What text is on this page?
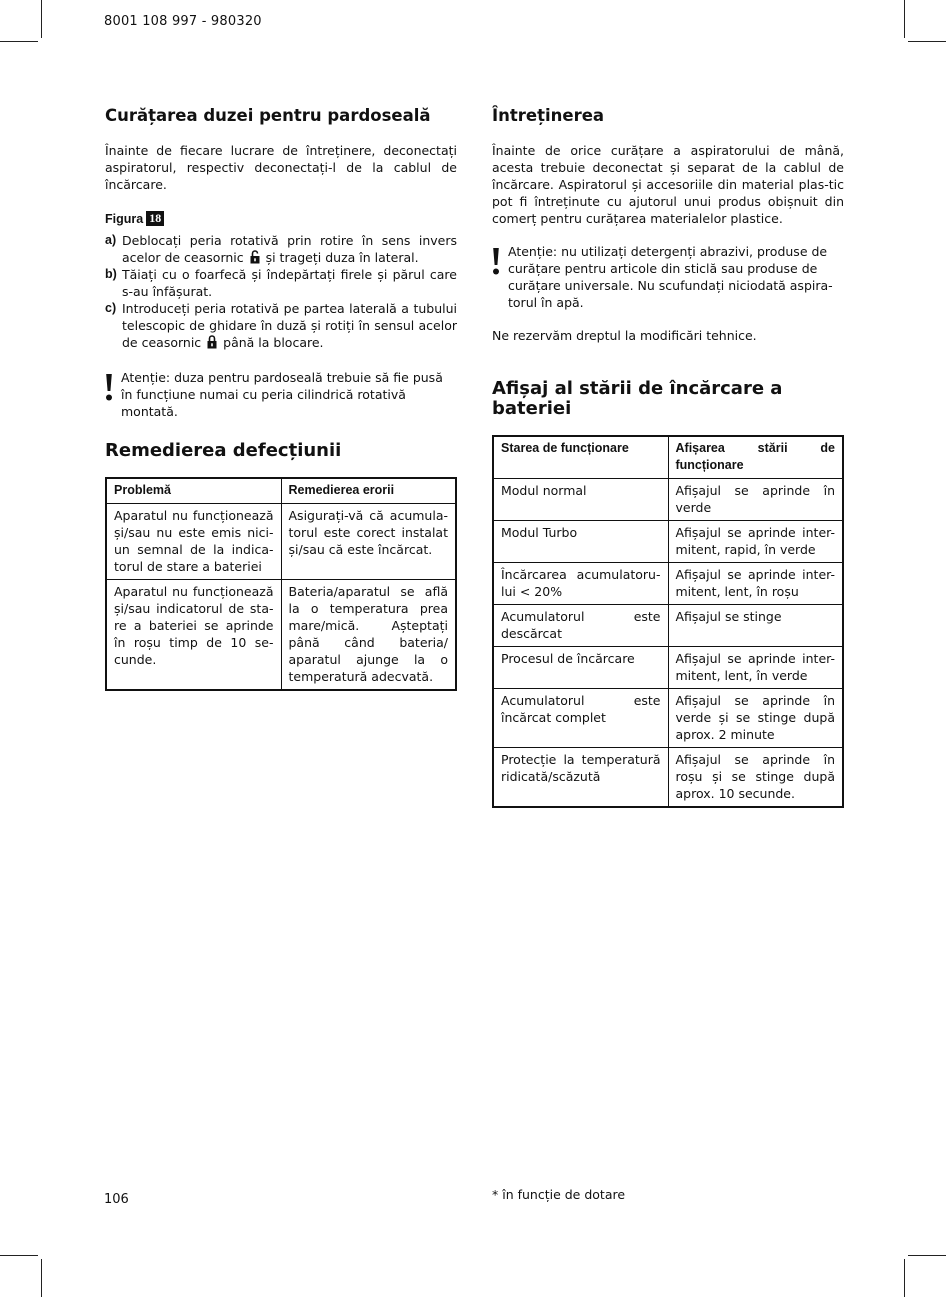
8001 108 997 - 980320
Curățarea duzei pentru pardoseală

Înainte de fiecare lucrare de întreținere, deconectați aspiratorul, respectiv deconectați-l de la cablul de încărcare.

Figura 18
a) Deblocați peria rotativă prin rotire în sens invers acelor de ceasornic și trageți duza în lateral.
b) Tăiați cu o foarfecă și îndepărtați firele și părul care s-au înfășurat.
c) Introduceți peria rotativă pe partea laterală a tubului telescopic de ghidare în duză și rotiți în sensul acelor de ceasornic până la blocare.
Atenție: duza pentru pardoseală trebuie să fie pusă în funcțiune numai cu peria cilindrică rotativă montată.
Remedierea defecțiunii
Problemă	Remedierea erorii
Aparatul nu funcționează și/sau nu este emis nici-un semnal de la indica-torul de stare a bateriei	Asigurați-vă că acumula-torul este corect instalat și/sau că este încărcat.
Aparatul nu funcționează și/sau indicatorul de sta-re a bateriei se aprinde în roșu timp de 10 se-cunde.	Bateria/aparatul se află la o temperatura prea mare/mică. Așteptați până când bateria/ aparatul ajunge la o temperatură adecvată.
Întreținerea

Înainte de orice curățare a aspiratorului de mână, acesta trebuie deconectat și separat de la cablul de încărcare. Aspiratorul și accesoriile din material plas-tic pot fi întreținute cu ajutorul unui produs obișnuit din comerț pentru curățarea materialelor plastice.

Atenție: nu utilizați detergenți abrazivi, produse de curățare pentru articole din sticlă sau produse de curățare universale. Nu scufundați niciodată aspira-torul în apă.

Ne rezervăm dreptul la modificări tehnice.

Afișaj al stării de încărcare a bateriei
Starea de funcționare	Afișarea stării de funcționare
Modul normal	Afișajul se aprinde în verde
Modul Turbo	Afișajul se aprinde inter-mitent, rapid, în verde
Încărcarea acumulatoru-lui < 20%	Afișajul se aprinde inter-mitent, lent, în roșu
Acumulatorul este descărcat	Afișajul se stinge
Procesul de încărcare	Afișajul se aprinde inter-mitent, lent, în verde
Acumulatorul este încărcat complet	Afișajul se aprinde în verde și se stinge după aprox. 2 minute
Protecție la temperatură ridicată/scăzută	Afișajul se aprinde în roșu și se stinge după aprox. 10 secunde.
106	* în funcție de dotare
